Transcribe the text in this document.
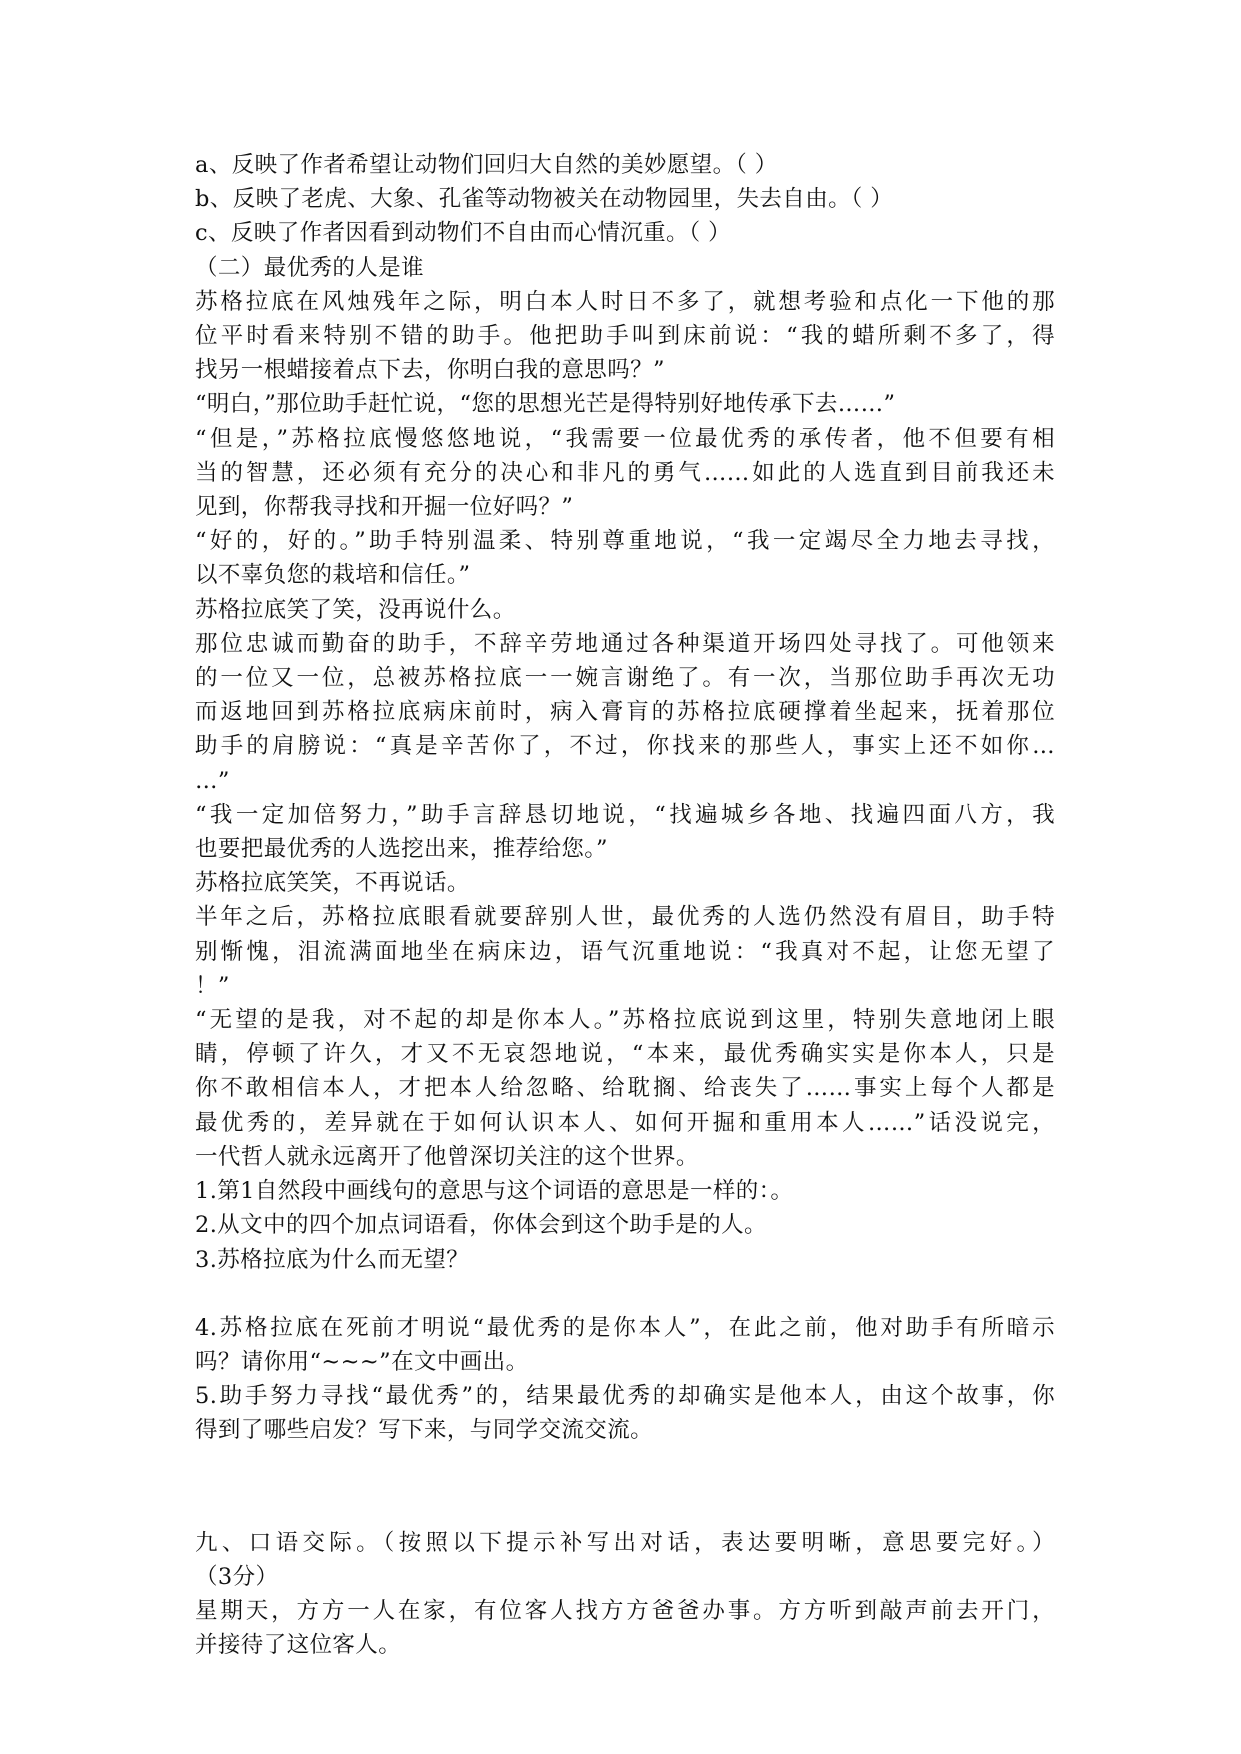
a、反映了作者希望让动物们回归大自然的美妙愿望。（ ）
b、反映了老虎、大象、孔雀等动物被关在动物园里，失去自由。（ ）
c、反映了作者因看到动物们不自由而心情沉重。（ ）
（二）最优秀的人是谁
苏格拉底在风烛残年之际，明白本人时日不多了，就想考验和点化一下他的那
位平时看来特别不错的助手。他把助手叫到床前说：“我的蜡所剩不多了，得
找另一根蜡接着点下去，你明白我的意思吗？”
“明白，”那位助手赶忙说，“您的思想光芒是得特别好地传承下去……”
“但是，”苏格拉底慢悠悠地说，“我需要一位最优秀的承传者，他不但要有相
当的智慧，还必须有充分的决心和非凡的勇气……如此的人选直到目前我还未
见到，你帮我寻找和开掘一位好吗？”
“好的，好的。”助手特别温柔、特别尊重地说，“我一定竭尽全力地去寻找，
以不辜负您的栽培和信任。”
苏格拉底笑了笑，没再说什么。
那位忠诚而勤奋的助手，不辞辛劳地通过各种渠道开场四处寻找了。可他领来
的一位又一位，总被苏格拉底一一婉言谢绝了。有一次，当那位助手再次无功
而返地回到苏格拉底病床前时，病入膏肓的苏格拉底硬撑着坐起来，抚着那位
助手的肩膀说：“真是辛苦你了，不过，你找来的那些人，事实上还不如你…
…”
“我一定加倍努力，”助手言辞恳切地说，“找遍城乡各地、找遍四面八方，我
也要把最优秀的人选挖出来，推荐给您。”
苏格拉底笑笑，不再说话。
半年之后，苏格拉底眼看就要辞别人世，最优秀的人选仍然没有眉目，助手特
别惭愧，泪流满面地坐在病床边，语气沉重地说：“我真对不起，让您无望了
！”
“无望的是我，对不起的却是你本人。”苏格拉底说到这里，特别失意地闭上眼
睛，停顿了许久，才又不无哀怨地说，“本来，最优秀确实实是你本人，只是
你不敢相信本人，才把本人给忽略、给耽搁、给丧失了……事实上每个人都是
最优秀的，差异就在于如何认识本人、如何开掘和重用本人……”话没说完，
一代哲人就永远离开了他曾深切关注的这个世界。
1.第1自然段中画线句的意思与这个词语的意思是一样的：。
2.从文中的四个加点词语看，你体会到这个助手是的人。
3.苏格拉底为什么而无望？
4.苏格拉底在死前才明说“最优秀的是你本人”，在此之前，他对助手有所暗示
吗？请你用“~~~”在文中画出。
5.助手努力寻找“最优秀”的，结果最优秀的却确实是他本人，由这个故事，你
得到了哪些启发？写下来，与同学交流交流。
九、口语交际。（按照以下提示补写出对话，表达要明晰，意思要完好。）
（3分）
星期天，方方一人在家，有位客人找方方爸爸办事。方方听到敲声前去开门，
并接待了这位客人。
